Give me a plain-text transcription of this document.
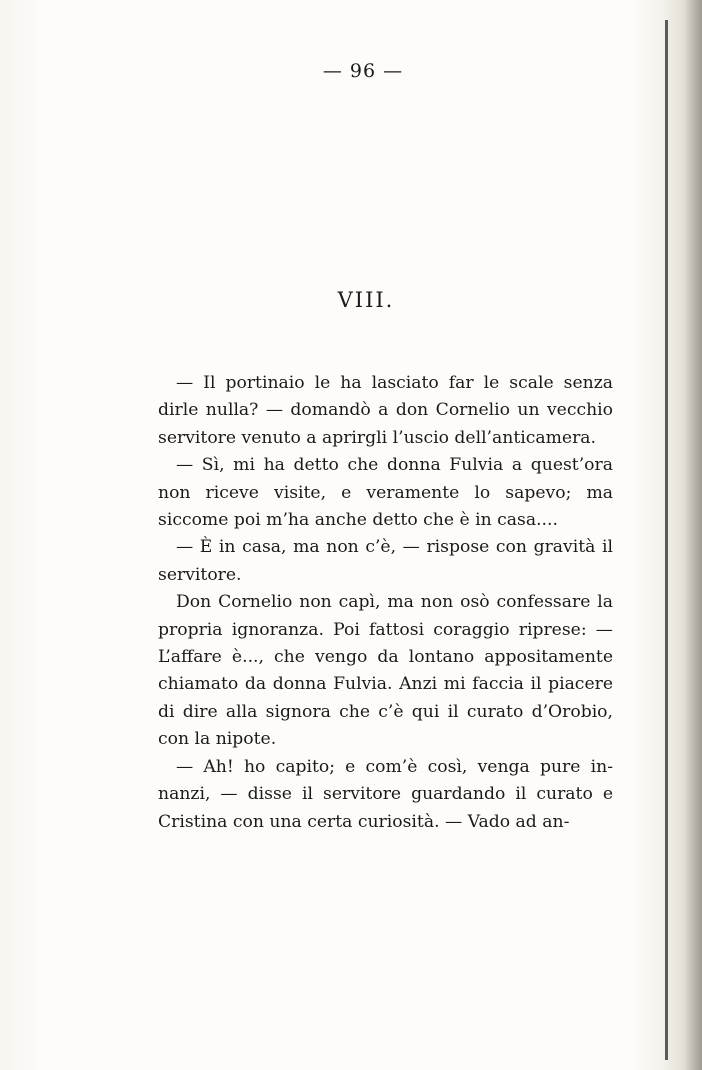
— 96 —
VIII.

— Il portinaio le ha lasciato far le scale senza dirle nulla? — domandò a don Cornelio un vecchio servitore venuto a aprirgli l’uscio dell’anticamera.

— Sì, mi ha detto che donna Fulvia a quest’ora non riceve visite, e veramente lo sapevo; ma siccome poi m’ha anche detto che è in casa....

— È in casa, ma non c’è, — rispose con gravità il servitore.

Don Cornelio non capì, ma non osò confessare la propria ignoranza. Poi fattosi coraggio riprese: — L’affare è..., che vengo da lontano appositamente chiamato da donna Fulvia. Anzi mi faccia il piacere di dire alla signora che c’è qui il curato d’Orobio, con la nipote.

— Ah! ho capito; e com’è così, venga pure innanzi, — disse il servitore guardando il curato e Cristina con una certa curiosità. — Vado ad an-
